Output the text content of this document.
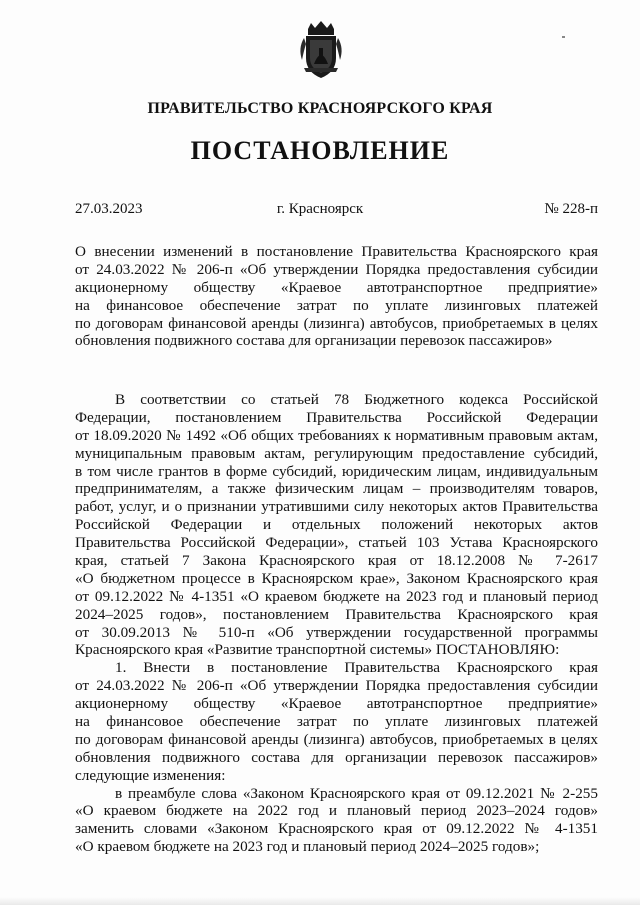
ПРАВИТЕЛЬСТВО КРАСНОЯРСКОГО КРАЯ
ПОСТАНОВЛЕНИЕ
27.03.2023	г. Красноярск	№ 228-п
О внесении изменений в постановление Правительства Красноярского края
от 24.03.2022 № 206-п «Об утверждении Порядка предоставления субсидии
акционерному обществу «Краевое автотранспортное предприятие»
на финансовое обеспечение затрат по уплате лизинговых платежей
по договорам финансовой аренды (лизинга) автобусов, приобретаемых в целях
обновления подвижного состава для организации перевозок пассажиров»
В соответствии со статьей 78 Бюджетного кодекса Российской
Федерации, постановлением Правительства Российской Федерации
от 18.09.2020 № 1492 «Об общих требованиях к нормативным правовым актам,
муниципальным правовым актам, регулирующим предоставление субсидий,
в том числе грантов в форме субсидий, юридическим лицам, индивидуальным
предпринимателям, а также физическим лицам – производителям товаров,
работ, услуг, и о признании утратившими силу некоторых актов Правительства
Российской Федерации и отдельных положений некоторых актов
Правительства Российской Федерации», статьей 103 Устава Красноярского
края, статьей 7 Закона Красноярского края от 18.12.2008 № 7-2617
«О бюджетном процессе в Красноярском крае», Законом Красноярского края
от 09.12.2022 № 4-1351 «О краевом бюджете на 2023 год и плановый период
2024–2025 годов», постановлением Правительства Красноярского края
от 30.09.2013 № 510-п «Об утверждении государственной программы
Красноярского края «Развитие транспортной системы» ПОСТАНОВЛЯЮ:
1. Внести в постановление Правительства Красноярского края
от 24.03.2022 № 206-п «Об утверждении Порядка предоставления субсидии
акционерному обществу «Краевое автотранспортное предприятие»
на финансовое обеспечение затрат по уплате лизинговых платежей
по договорам финансовой аренды (лизинга) автобусов, приобретаемых в целях
обновления подвижного состава для организации перевозок пассажиров»
следующие изменения:
в преамбуле слова «Законом Красноярского края от 09.12.2021 № 2-255
«О краевом бюджете на 2022 год и плановый период 2023–2024 годов»
заменить словами «Законом Красноярского края от 09.12.2022 № 4-1351
«О краевом бюджете на 2023 год и плановый период 2024–2025 годов»;
